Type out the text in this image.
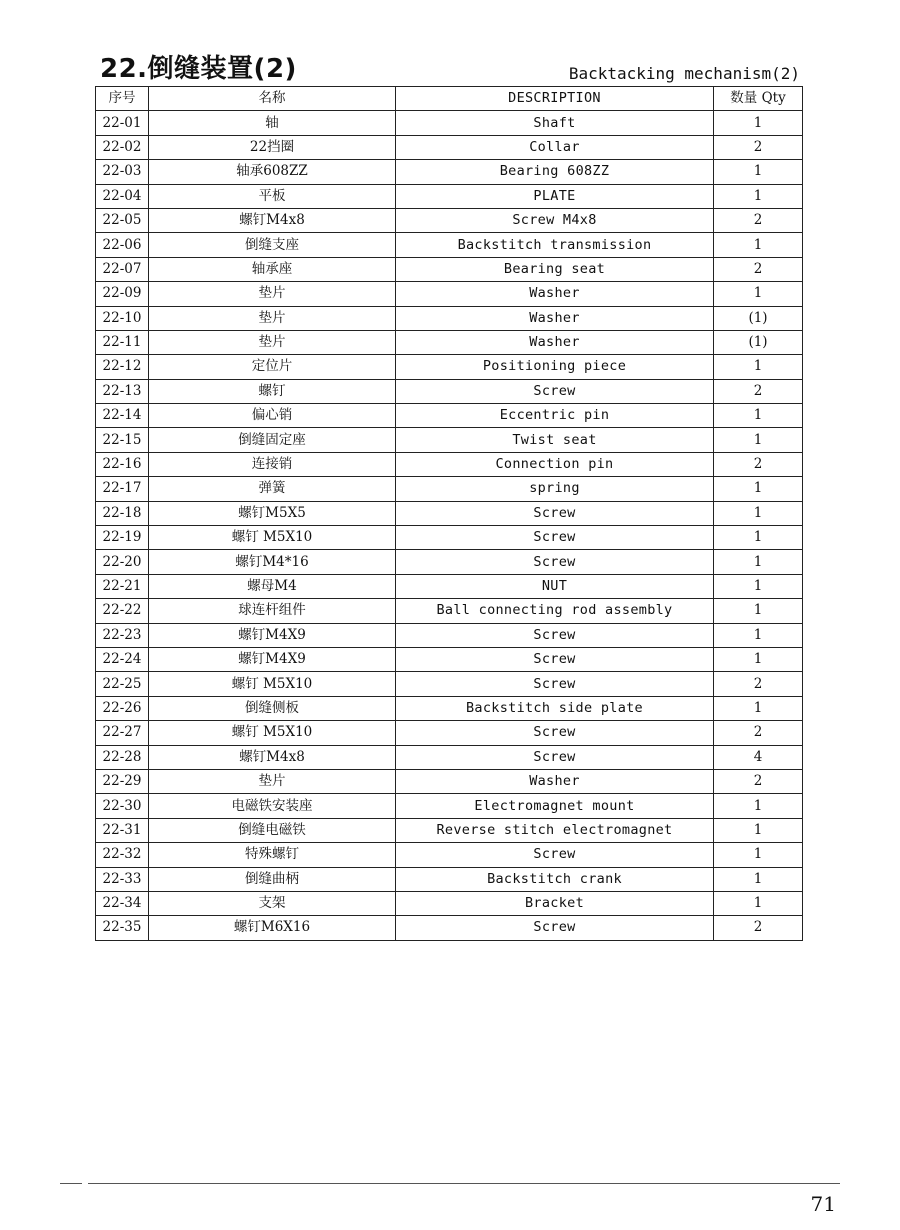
22.倒缝装置(2)	Backtacking mechanism(2)
序号	名称	DESCRIPTION	数量 Qty
22-01	轴	Shaft	1
22-02	22挡圈	Collar	2
22-03	轴承608ZZ	Bearing 608ZZ	1
22-04	平板	PLATE	1
22-05	螺钉M4x8	Screw M4x8	2
22-06	倒缝支座	Backstitch transmission	1
22-07	轴承座	Bearing seat	2
22-09	垫片	Washer	1
22-10	垫片	Washer	(1)
22-11	垫片	Washer	(1)
22-12	定位片	Positioning piece	1
22-13	螺钉	Screw	2
22-14	偏心销	Eccentric pin	1
22-15	倒缝固定座	Twist seat	1
22-16	连接销	Connection pin	2
22-17	弹簧	spring	1
22-18	螺钉M5X5	Screw	1
22-19	螺钉 M5X10	Screw	1
22-20	螺钉M4*16	Screw	1
22-21	螺母M4	NUT	1
22-22	球连杆组件	Ball connecting rod assembly	1
22-23	螺钉M4X9	Screw	1
22-24	螺钉M4X9	Screw	1
22-25	螺钉 M5X10	Screw	2
22-26	倒缝侧板	Backstitch side plate	1
22-27	螺钉 M5X10	Screw	2
22-28	螺钉M4x8	Screw	4
22-29	垫片	Washer	2
22-30	电磁铁安装座	Electromagnet mount	1
22-31	倒缝电磁铁	Reverse stitch electromagnet	1
22-32	特殊螺钉	Screw	1
22-33	倒缝曲柄	Backstitch crank	1
22-34	支架	Bracket	1
22-35	螺钉M6X16	Screw	2
71
